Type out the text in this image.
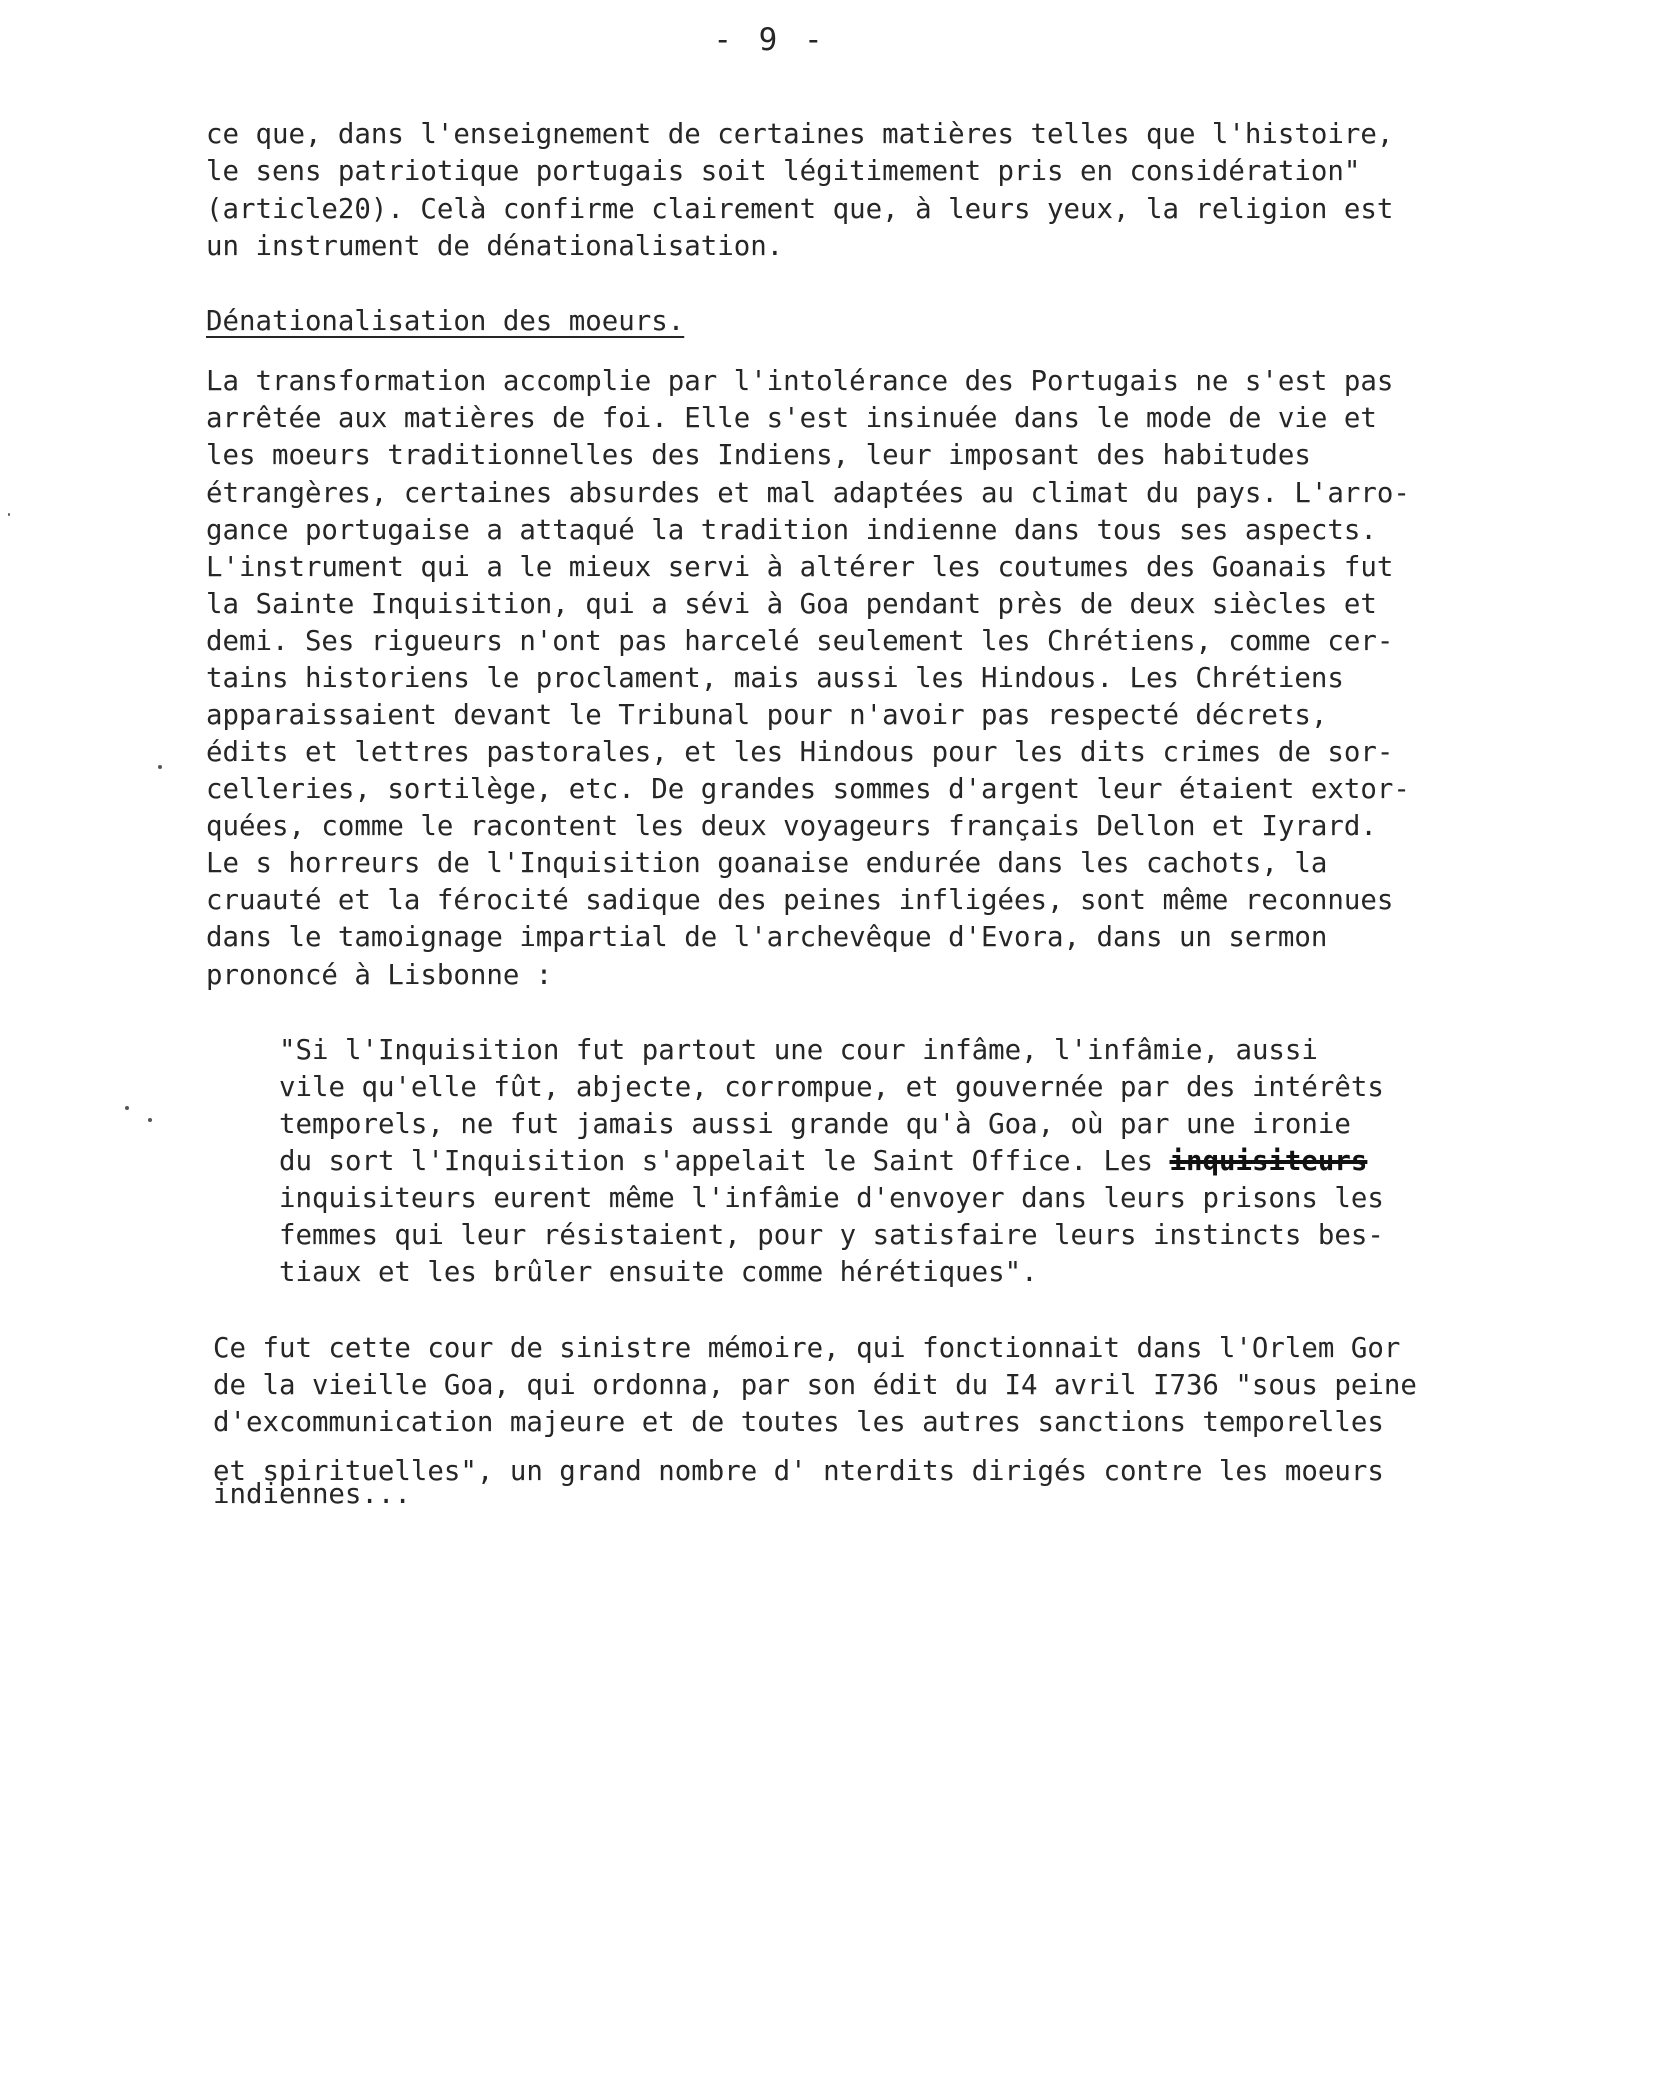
- 9 -
ce que, dans l'enseignement de certaines matières telles que l'histoire,
le sens patriotique portugais soit légitimement pris en considération"
(article20). Celà confirme clairement que, à leurs yeux, la religion est
un instrument de dénationalisation.
Dénationalisation des moeurs.
La transformation accomplie par l'intolérance des Portugais ne s'est pas
arrêtée aux matières de foi. Elle s'est insinuée dans le mode de vie et
les moeurs traditionnelles des Indiens, leur imposant des habitudes
étrangères, certaines absurdes et mal adaptées au climat du pays. L'arro-
gance portugaise a attaqué la tradition indienne dans tous ses aspects.
L'instrument qui a le mieux servi à altérer les coutumes des Goanais fut
la Sainte Inquisition, qui a sévi à Goa pendant près de deux siècles et
demi. Ses rigueurs n'ont pas harcelé seulement les Chrétiens, comme cer-
tains historiens le proclament, mais aussi les Hindous. Les Chrétiens
apparaissaient devant le Tribunal pour n'avoir pas respecté décrets,
édits et lettres pastorales, et les Hindous pour les dits crimes de sor-
celleries, sortilège, etc. De grandes sommes d'argent leur étaient extor-
quées, comme le racontent les deux voyageurs français Dellon et Iyrard.
Le s horreurs de l'Inquisition goanaise endurée dans les cachots, la
cruauté et la férocité sadique des peines infligées, sont même reconnues
dans le tamoignage impartial de l'archevêque d'Evora, dans un sermon
prononcé à Lisbonne :
"Si l'Inquisition fut partout une cour infâme, l'infâmie, aussi
vile qu'elle fût, abjecte, corrompue, et gouvernée par des intérêts
temporels, ne fut jamais aussi grande qu'à Goa, où par une ironie
du sort l'Inquisition s'appelait le Saint Office. Les inquisiteurs
inquisiteurs eurent même l'infâmie d'envoyer dans leurs prisons les
femmes qui leur résistaient, pour y satisfaire leurs instincts bes-
tiaux et les brûler ensuite comme hérétiques".
Ce fut cette cour de sinistre mémoire, qui fonctionnait dans l'Orlem Gor
de la vieille Goa, qui ordonna, par son édit du I4 avril I736 "sous peine
d'excommunication majeure et de toutes les autres sanctions temporelles
et spirituelles", un grand nombre d' nterdits dirigés contre les moeurs
indiennes...
